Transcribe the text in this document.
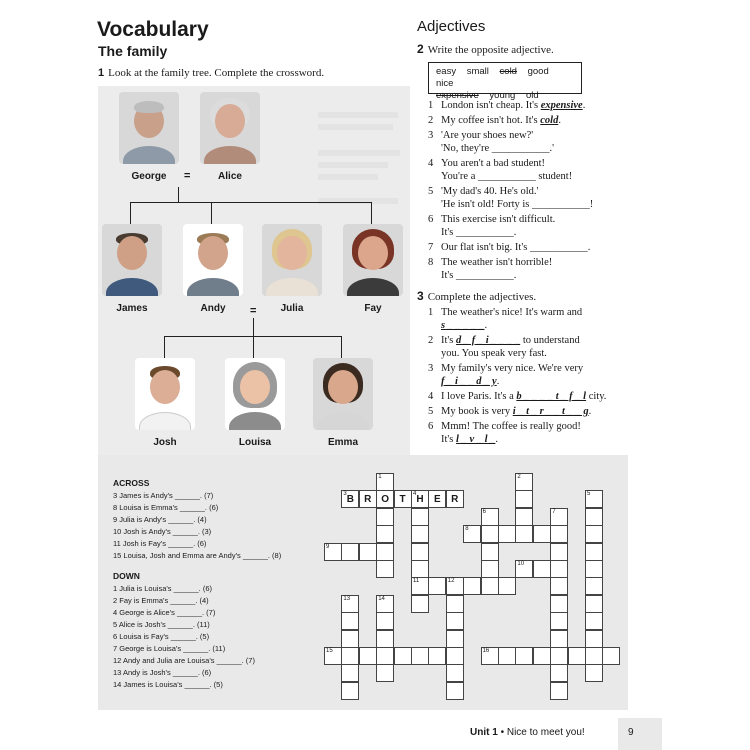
Vocabulary
The family
1 Look at the family tree. Complete the crossword.
George	=	Alice
James	Andy	=	Julia	Fay
Josh	Louisa	Emma
ACROSS
3 James is Andy's ______. (7)
8 Louisa is Emma's ______. (6)
9 Julia is Andy's ______. (4)
10 Josh is Andy's ______. (3)
11 Josh is Fay's ______. (6)
15 Louisa, Josh and Emma are Andy's ______. (8)
DOWN
1 Julia is Louisa's ______. (6)
2 Fay is Emma's ______. (4)
4 George is Alice's ______. (7)
5 Alice is Josh's ______. (11)
6 Louisa is Fay's ______. (5)
7 George is Louisa's ______. (11)
12 Andy and Julia are Louisa's ______. (7)
13 Andy is Josh's ______. (6)
14 James is Louisa's ______. (5)
3 B	R O	T	4 H	E	R
1	2
11
5
6	7
8
9
10
12
13	14
15	16
Adjectives
2 Write the opposite adjective.
easy small cold good nice
expensive young old
1 London isn't cheap. It's expensive.
2 My coffee isn't hot. It's cold.
3 'Are your shoes new?'
'No, they're ___________.'
4 You aren't a bad student!
You're a ___________ student!
5 'My dad's 40. He's old.'
'He isn't old! Forty is ___________!
6 This exercise isn't difficult.
It's ___________.
7 Our flat isn't big. It's ___________.
8 The weather isn't horrible!
It's ___________.
3 Complete the adjectives.
1 The weather's nice! It's warm and
s _ _ _ _ _.
2 It's d _ f _ i _ _ _ _ to understand
you. You speak very fast.
3 My family's very nice. We're very
f _ i _ _ d _ y.
4 I love Paris. It's a b _ _ _ _ t _ f _ l city.
5 My book is very i _ t _ r _ _ t _ _ g.
6 Mmm! The coffee is really good!
It's l _ v _ l _.
Unit 1 • Nice to meet you!	9
